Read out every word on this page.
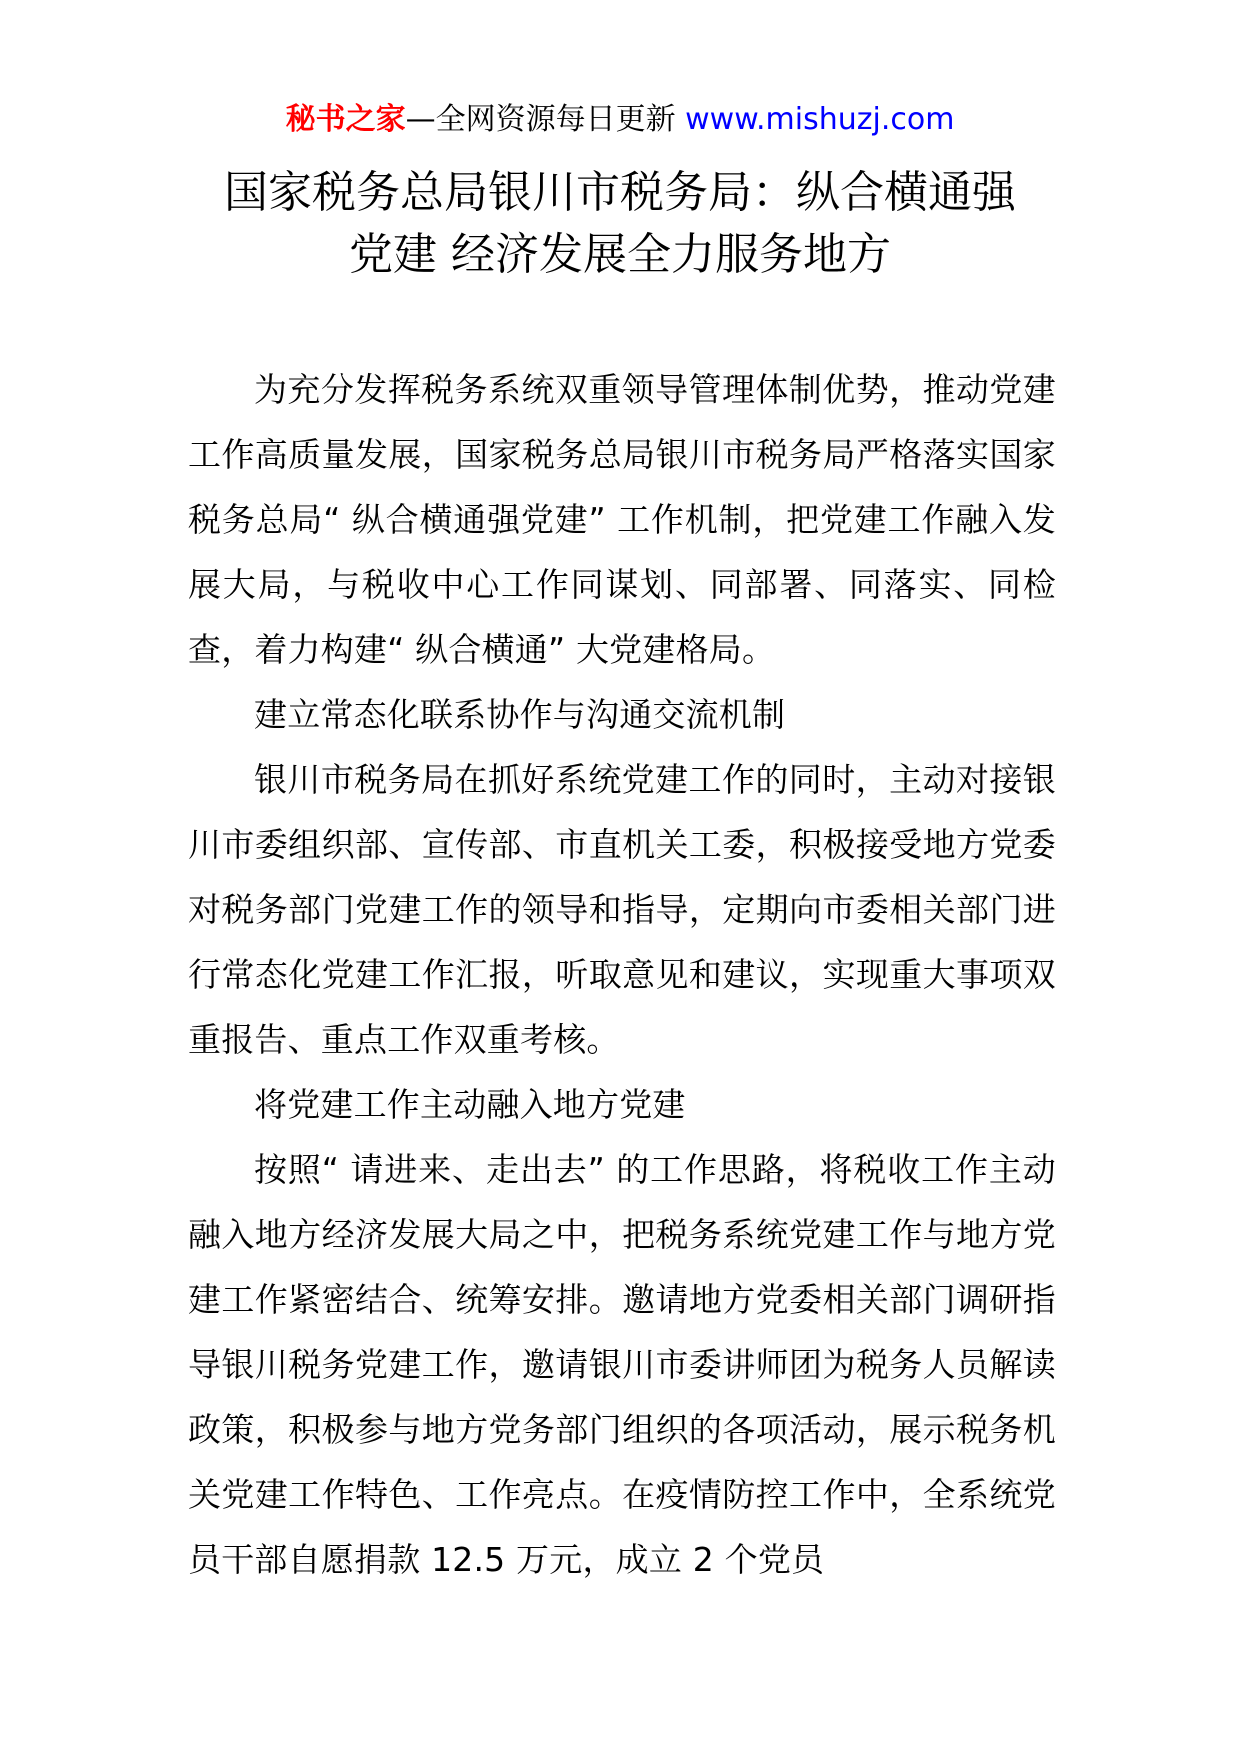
秘书之家—全网资源每日更新 www.mishuzj.com
国家税务总局银川市税务局：纵合横通强
党建 经济发展全力服务地方

为充分发挥税务系统双重领导管理体制优势，推动党建工作高质量发展，国家税务总局银川市税务局严格落实国家税务总局“ 纵合横通强党建” 工作机制，把党建工作融入发展大局，与税收中心工作同谋划、同部署、同落实、同检查，着力构建“ 纵合横通” 大党建格局。

建立常态化联系协作与沟通交流机制

银川市税务局在抓好系统党建工作的同时，主动对接银川市委组织部、宣传部、市直机关工委，积极接受地方党委对税务部门党建工作的领导和指导，定期向市委相关部门进行常态化党建工作汇报，听取意见和建议，实现重大事项双重报告、重点工作双重考核。

将党建工作主动融入地方党建

按照“ 请进来、走出去” 的工作思路，将税收工作主动融入地方经济发展大局之中，把税务系统党建工作与地方党建工作紧密结合、统筹安排。邀请地方党委相关部门调研指导银川税务党建工作，邀请银川市委讲师团为税务人员解读政策，积极参与地方党务部门组织的各项活动，展示税务机关党建工作特色、工作亮点。在疫情防控工作中，全系统党员干部自愿捐款 12.5 万元，成立 2 个党员
